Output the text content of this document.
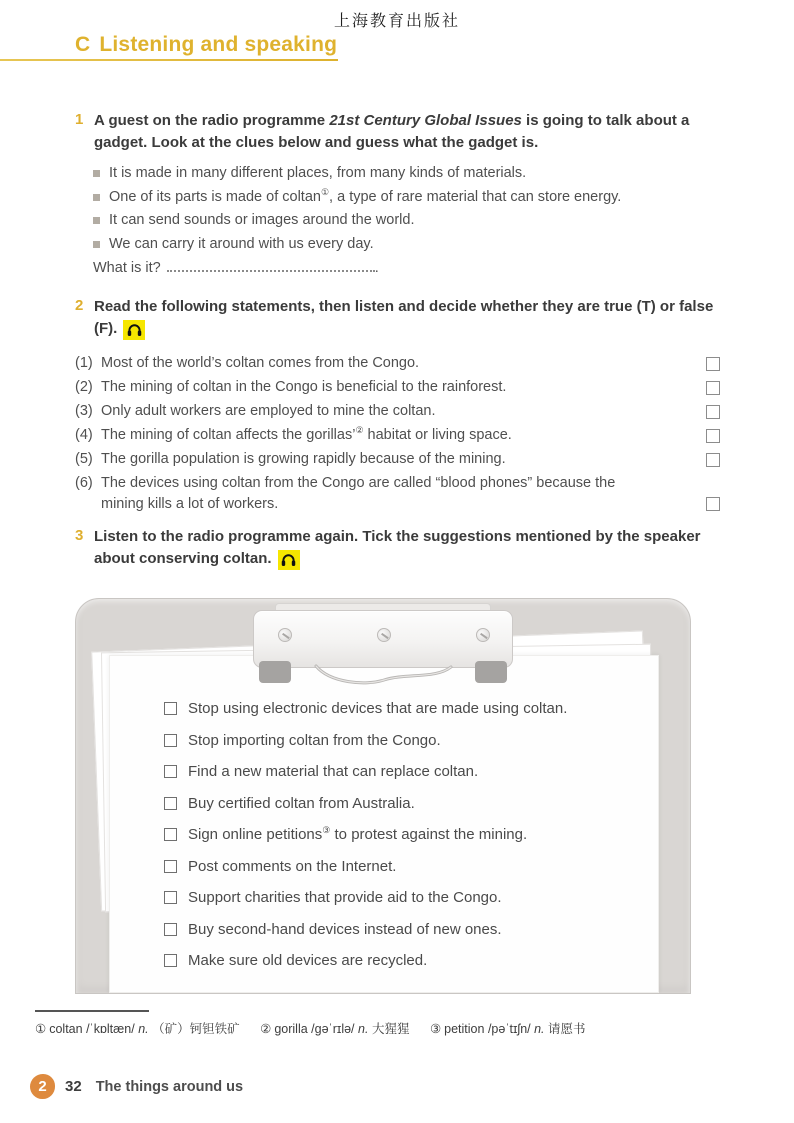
上海教育出版社
C Listening and speaking
1 A guest on the radio programme 21st Century Global Issues is going to talk about a gadget. Look at the clues below and guess what the gadget is.
It is made in many different places, from many kinds of materials.
One of its parts is made of coltan①, a type of rare material that can store energy.
It can send sounds or images around the world.
We can carry it around with us every day.
What is it?	.
2 Read the following statements, then listen and decide whether they are true (T) or false (F).
(1) Most of the world’s coltan comes from the Congo.
(2) The mining of coltan in the Congo is beneficial to the rainforest.
(3) Only adult workers are employed to mine the coltan.
(4) The mining of coltan affects the gorillas’② habitat or living space.
(5) The gorilla population is growing rapidly because of the mining.
(6) The devices using coltan from the Congo are called “blood phones” because the mining kills a lot of workers.
3 Listen to the radio programme again. Tick the suggestions mentioned by the speaker about conserving coltan.
Stop using electronic devices that are made using coltan.
Stop importing coltan from the Congo.
Find a new material that can replace coltan.
Buy certified coltan from Australia.
Sign online petitions③ to protest against the mining.
Post comments on the Internet.
Support charities that provide aid to the Congo.
Buy second-hand devices instead of new ones.
Make sure old devices are recycled.
① coltan /ˈkɒltæn/ n. （矿）钶钽铁矿 ② gorilla /ɡəˈrɪlə/ n. 大猩猩 ③ petition /pəˈtɪʃn/ n. 请愿书
2	32 The things around us
